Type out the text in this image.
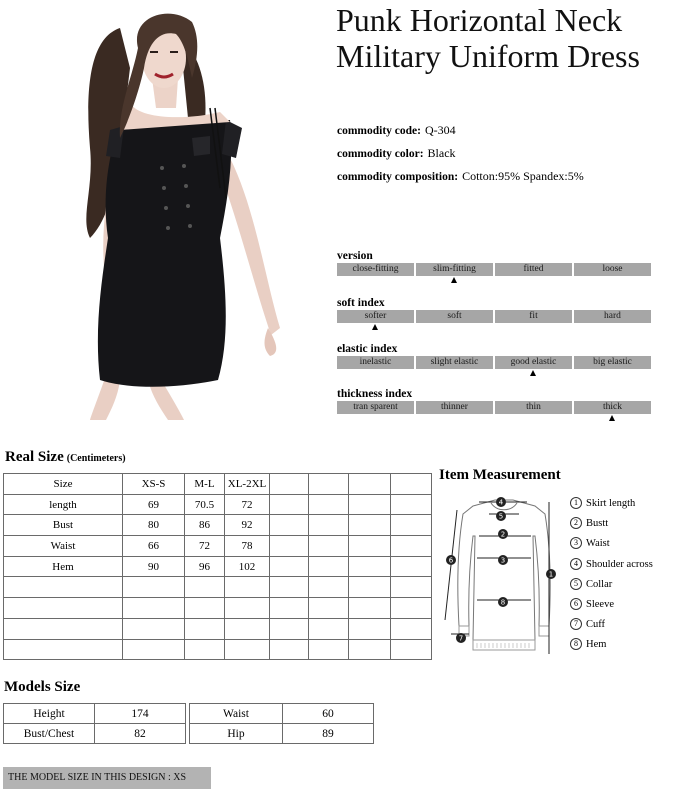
Punk Horizontal Neck
Military Uniform Dress
commodity code: Q-304
commodity color: Black
commodity composition: Cotton:95% Spandex:5%
version
close-fitting	slim-fitting	fitted	loose
soft index
softer	soft	fit	hard
elastic index
inelastic	slight elastic	good elastic	big elastic
thickness index
tran sparent	thinner	thin	thick
Real Size (Centimeters)
Size	XS-S	M-L	XL-2XL				
length	69	70.5	72				
Bust	80	86	92				
Waist	66	72	78				
Hem	90	96	102				

Item Measurement
4
5
2
3
8
1
6
7
1 Skirt length
2 Bustt
3 Waist
4 Shoulder across
5 Collar
6 Sleeve
7 Cuff
8 Hem
Models Size
Height	174
Bust/Chest	82
Waist	60
Hip	89
THE MODEL SIZE IN THIS DESIGN : XS
